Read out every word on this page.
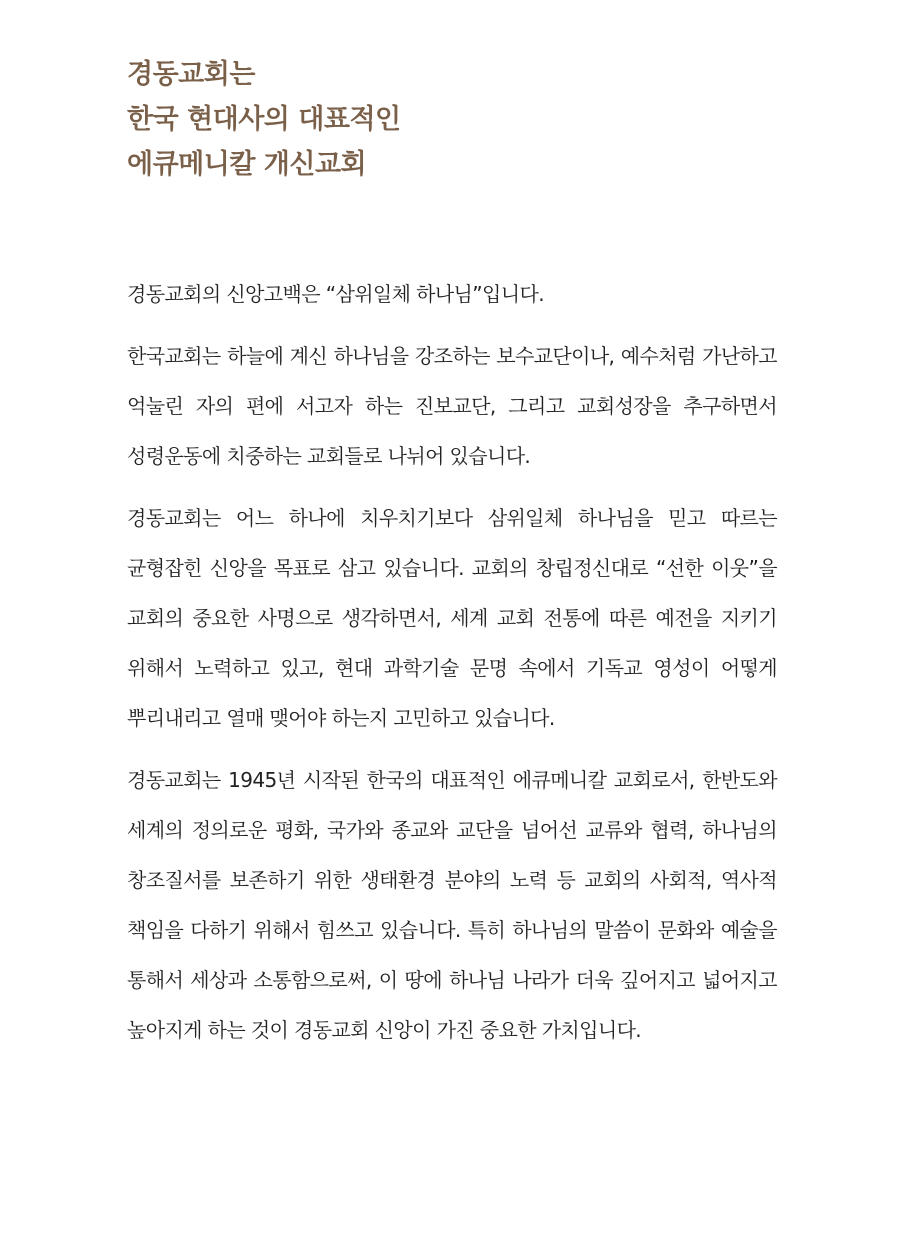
경동교회는
한국 현대사의 대표적인
에큐메니칼 개신교회

경동교회의 신앙고백은 “삼위일체 하나님”입니다.

한국교회는 하늘에 계신 하나님을 강조하는 보수교단이나, 예수처럼 가난하고 억눌린 자의 편에 서고자 하는 진보교단, 그리고 교회성장을 추구하면서 성령운동에 치중하는 교회들로 나뉘어 있습니다.

경동교회는 어느 하나에 치우치기보다 삼위일체 하나님을 믿고 따르는 균형잡힌 신앙을 목표로 삼고 있습니다. 교회의 창립정신대로 “선한 이웃”을 교회의 중요한 사명으로 생각하면서, 세계 교회 전통에 따른 예전을 지키기 위해서 노력하고 있고, 현대 과학기술 문명 속에서 기독교 영성이 어떻게 뿌리내리고 열매 맺어야 하는지 고민하고 있습니다.

경동교회는 1945년 시작된 한국의 대표적인 에큐메니칼 교회로서, 한반도와 세계의 정의로운 평화, 국가와 종교와 교단을 넘어선 교류와 협력, 하나님의 창조질서를 보존하기 위한 생태환경 분야의 노력 등 교회의 사회적, 역사적 책임을 다하기 위해서 힘쓰고 있습니다. 특히 하나님의 말씀이 문화와 예술을 통해서 세상과 소통함으로써, 이 땅에 하나님 나라가 더욱 깊어지고 넓어지고 높아지게 하는 것이 경동교회 신앙이 가진 중요한 가치입니다.
